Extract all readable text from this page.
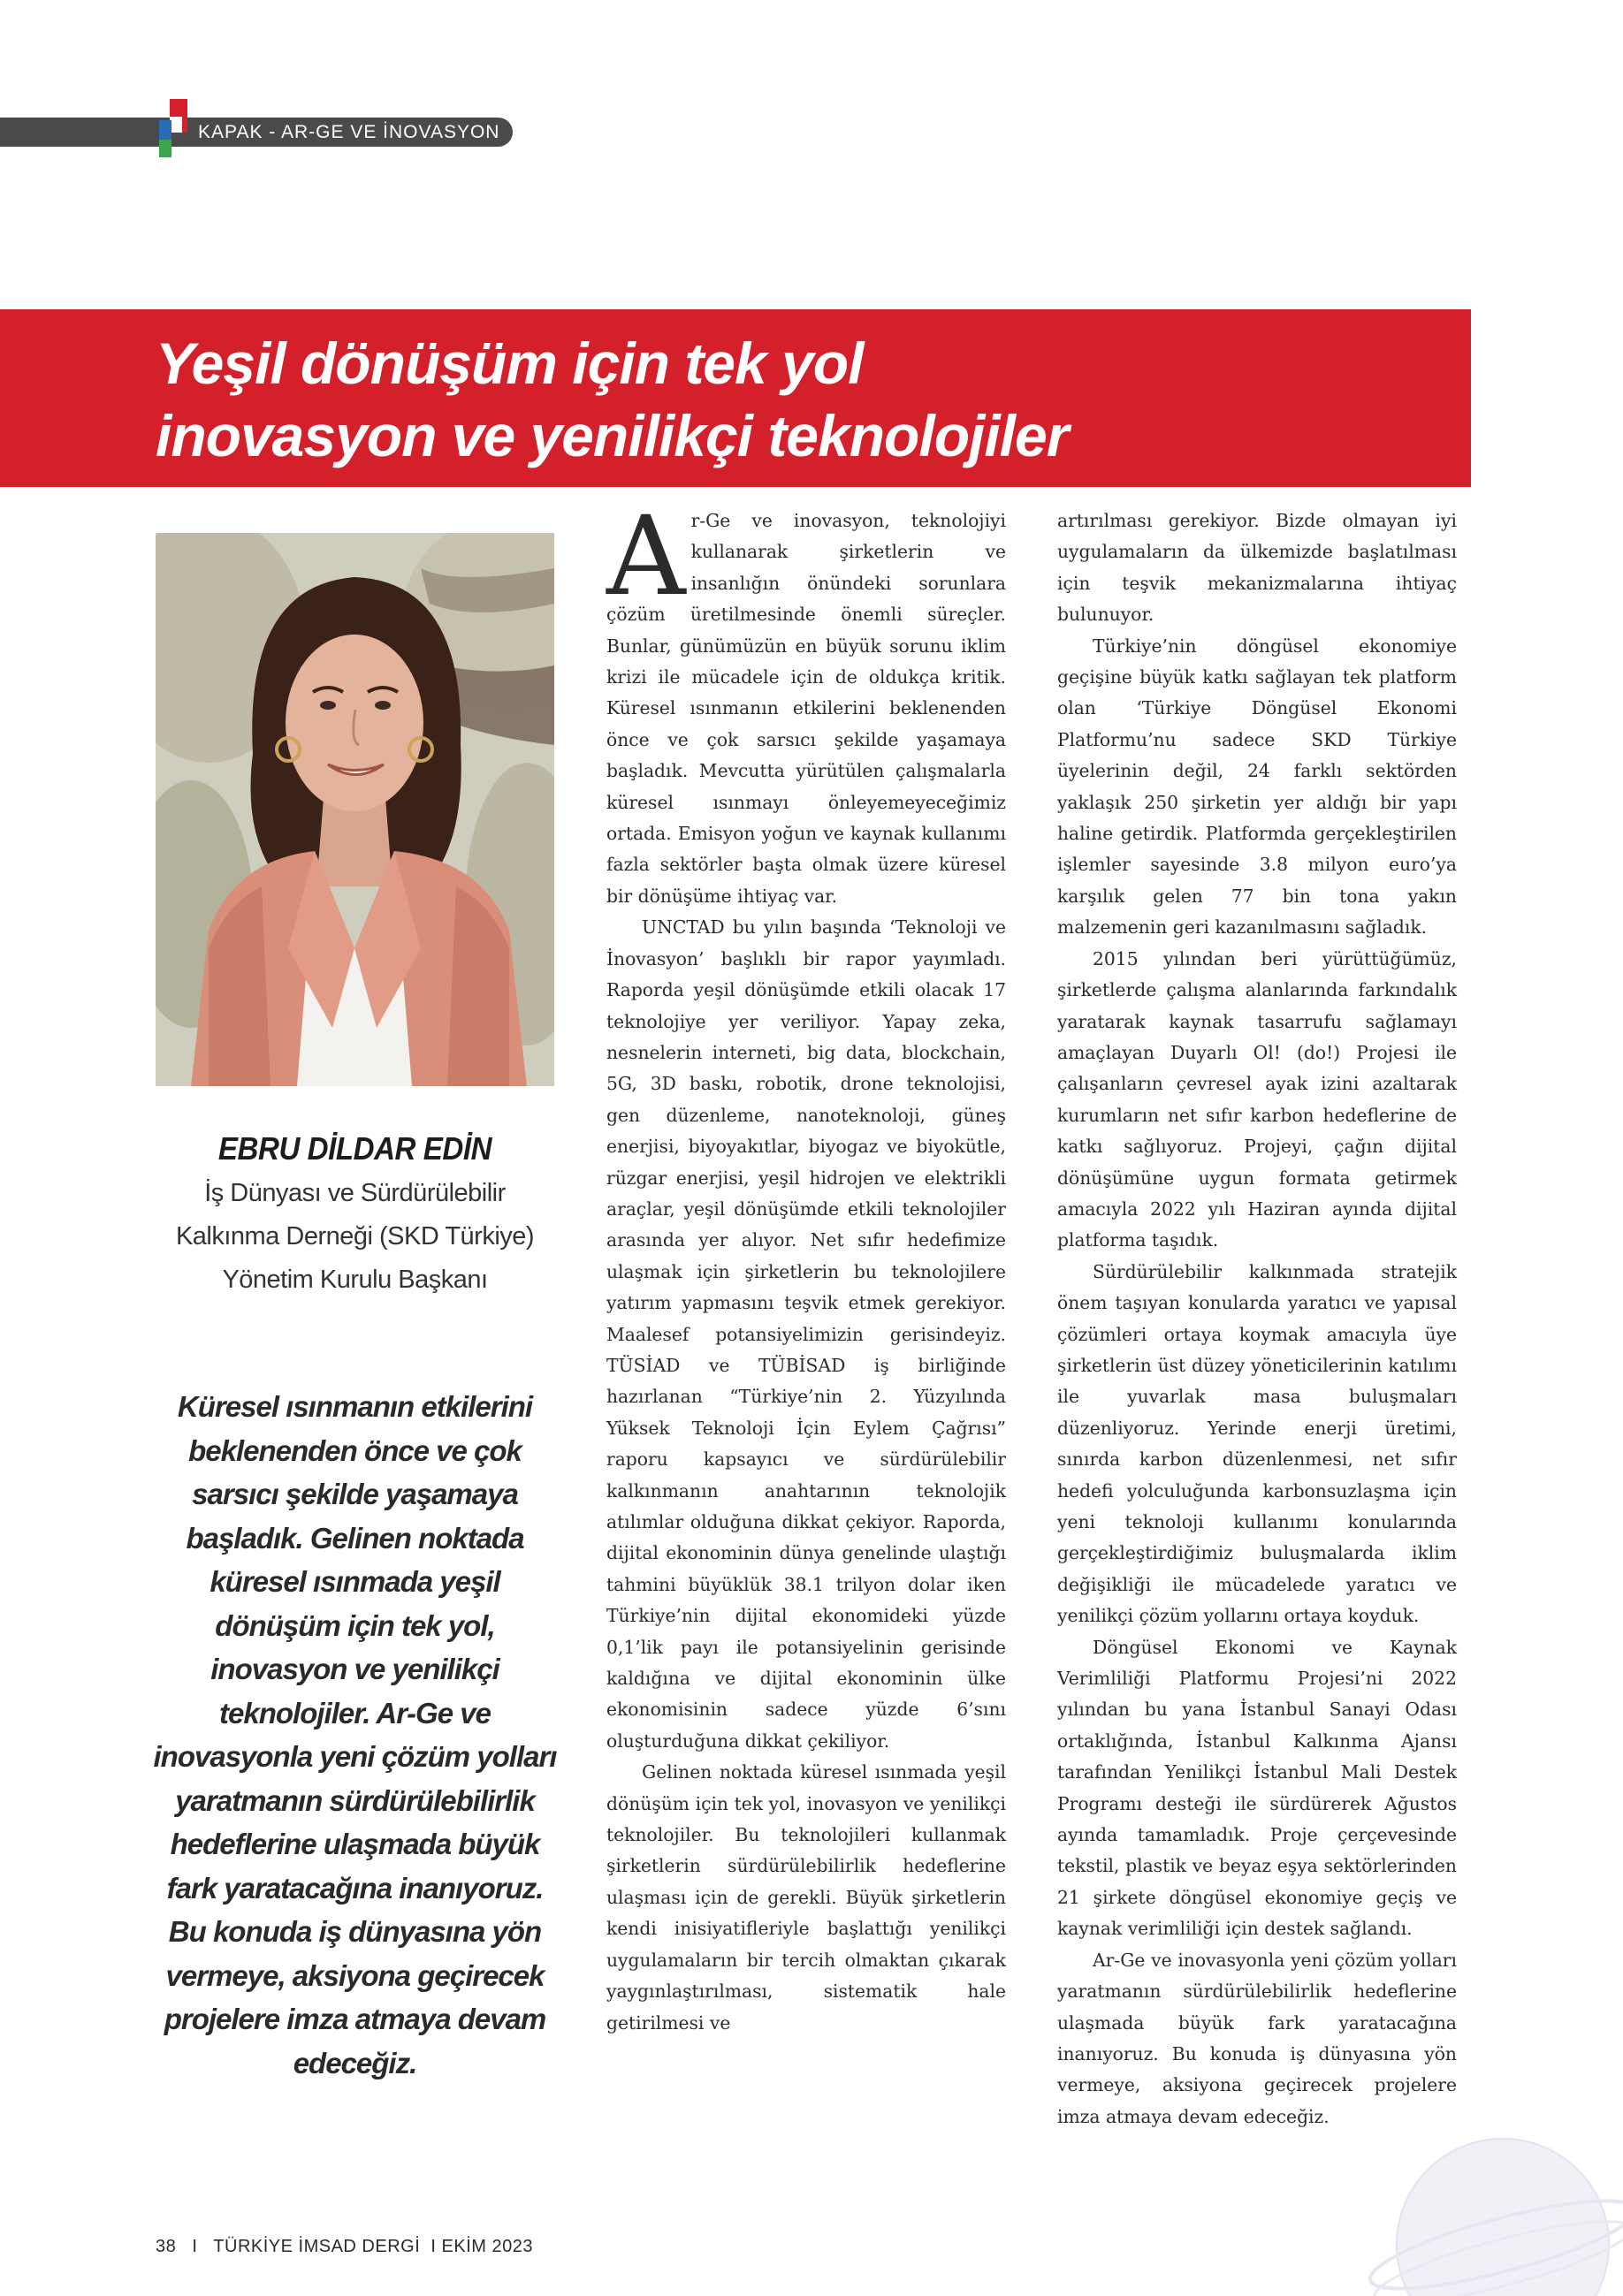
KAPAK - AR-GE VE İNOVASYON
Yeşil dönüşüm için tek yol
inovasyon ve yenilikçi teknolojiler
EBRU DİLDAR EDİN
İş Dünyası ve Sürdürülebilir
Kalkınma Derneği (SKD Türkiye)
Yönetim Kurulu Başkanı
Küresel ısınmanın etkilerini beklenenden önce ve çok sarsıcı şekilde yaşamaya başladık. Gelinen noktada küresel ısınmada yeşil dönüşüm için tek yol, inovasyon ve yenilikçi teknolojiler. Ar-Ge ve inovasyonla yeni çözüm yolları yaratmanın sürdürülebilirlik hedeflerine ulaşmada büyük fark yaratacağına inanıyoruz. Bu konuda iş dünyasına yön vermeye, aksiyona geçirecek projelere imza atmaya devam edeceğiz.

Ar-Ge ve inovasyon, teknolojiyi kullanarak şirketlerin ve insanlığın önündeki sorunlara çözüm üretilmesinde önemli süreçler. Bunlar, günümüzün en büyük sorunu iklim krizi ile mücadele için de oldukça kritik. Küresel ısınmanın etkilerini beklenenden önce ve çok sarsıcı şekilde yaşamaya başladık. Mevcutta yürütülen çalışmalarla küresel ısınmayı önleyemeyeceğimiz ortada. Emisyon yoğun ve kaynak kullanımı fazla sektörler başta olmak üzere küresel bir dönüşüme ihtiyaç var.

UNCTAD bu yılın başında ‘Teknoloji ve İnovasyon’ başlıklı bir rapor yayımladı. Raporda yeşil dönüşümde etkili olacak 17 teknolojiye yer veriliyor. Yapay zeka, nesnelerin interneti, big data, blockchain, 5G, 3D baskı, robotik, drone teknolojisi, gen düzenleme, nanoteknoloji, güneş enerjisi, biyoyakıtlar, biyogaz ve biyokütle, rüzgar enerjisi, yeşil hidrojen ve elektrikli araçlar, yeşil dönüşümde etkili teknolojiler arasında yer alıyor. Net sıfır hedefimize ulaşmak için şirketlerin bu teknolojilere yatırım yapmasını teşvik etmek gerekiyor. Maalesef potansiyelimizin gerisindeyiz. TÜSİAD ve TÜBİSAD iş birliğinde hazırlanan “Türkiye’nin 2. Yüzyılında Yüksek Teknoloji İçin Eylem Çağrısı” raporu kapsayıcı ve sürdürülebilir kalkınmanın anahtarının teknolojik atılımlar olduğuna dikkat çekiyor. Raporda, dijital ekonominin dünya genelinde ulaştığı tahmini büyüklük 38.1 trilyon dolar iken Türkiye’nin dijital ekonomideki yüzde 0,1’lik payı ile potansiyelinin gerisinde kaldığına ve dijital ekonominin ülke ekonomisinin sadece yüzde 6’sını oluşturduğuna dikkat çekiliyor.

Gelinen noktada küresel ısınmada yeşil dönüşüm için tek yol, inovasyon ve yenilikçi teknolojiler. Bu teknolojileri kullanmak şirketlerin sürdürülebilirlik hedeflerine ulaşması için de gerekli. Büyük şirketlerin kendi inisiyatifleriyle başlattığı yenilikçi uygulamaların bir tercih olmaktan çıkarak yaygınlaştırılması, sistematik hale getirilmesi ve

artırılması gerekiyor. Bizde olmayan iyi uygulamaların da ülkemizde başlatılması için teşvik mekanizmalarına ihtiyaç bulunuyor.

Türkiye’nin döngüsel ekonomiye geçişine büyük katkı sağlayan tek platform olan ‘Türkiye Döngüsel Ekonomi Platformu’nu sadece SKD Türkiye üyelerinin değil, 24 farklı sektörden yaklaşık 250 şirketin yer aldığı bir yapı haline getirdik. Platformda gerçekleştirilen işlemler sayesinde 3.8 milyon euro’ya karşılık gelen 77 bin tona yakın malzemenin geri kazanılmasını sağladık.

2015 yılından beri yürüttüğümüz, şirketlerde çalışma alanlarında farkındalık yaratarak kaynak tasarrufu sağlamayı amaçlayan Duyarlı Ol! (do!) Projesi ile çalışanların çevresel ayak izini azaltarak kurumların net sıfır karbon hedeflerine de katkı sağlıyoruz. Projeyi, çağın dijital dönüşümüne uygun formata getirmek amacıyla 2022 yılı Haziran ayında dijital platforma taşıdık.

Sürdürülebilir kalkınmada stratejik önem taşıyan konularda yaratıcı ve yapısal çözümleri ortaya koymak amacıyla üye şirketlerin üst düzey yöneticilerinin katılımı ile yuvarlak masa buluşmaları düzenliyoruz. Yerinde enerji üretimi, sınırda karbon düzenlenmesi, net sıfır hedefi yolculuğunda karbonsuzlaşma için yeni teknoloji kullanımı konularında gerçekleştirdiğimiz buluşmalarda iklim değişikliği ile mücadelede yaratıcı ve yenilikçi çözüm yollarını ortaya koyduk.

Döngüsel Ekonomi ve Kaynak Verimliliği Platformu Projesi’ni 2022 yılından bu yana İstanbul Sanayi Odası ortaklığında, İstanbul Kalkınma Ajansı tarafından Yenilikçi İstanbul Mali Destek Programı desteği ile sürdürerek Ağustos ayında tamamladık. Proje çerçevesinde tekstil, plastik ve beyaz eşya sektörlerinden 21 şirkete döngüsel ekonomiye geçiş ve kaynak verimliliği için destek sağlandı.

Ar-Ge ve inovasyonla yeni çözüm yolları yaratmanın sürdürülebilirlik hedeflerine ulaşmada büyük fark yaratacağına inanıyoruz. Bu konuda iş dünyasına yön vermeye, aksiyona geçirecek projelere imza atmaya devam edeceğiz.

38 I TÜRKİYE İMSAD DERGİ I EKİM 2023
